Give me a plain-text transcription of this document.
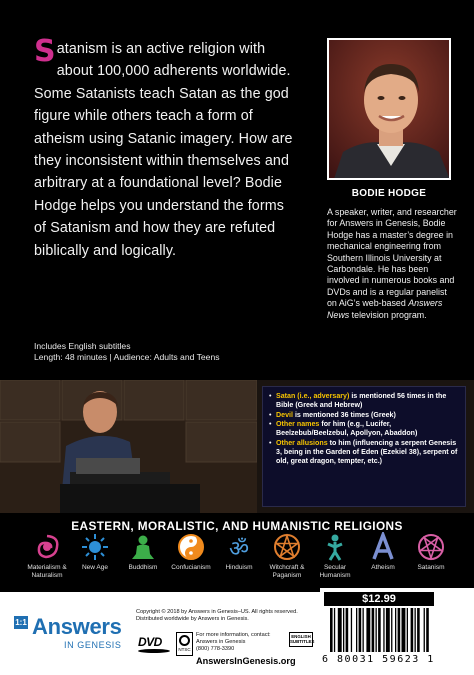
Satanism is an active religion with about 100,000 adherents worldwide. Some Satanists teach Satan as the god figure while others teach a form of atheism using Satanic imagery. How are they inconsistent within themselves and arbitrary at a foundational level? Bodie Hodge helps you understand the forms of Satanism and how they are refuted biblically and logically.

Includes English subtitles
Length: 48 minutes | Audience: Adults and Teens
BODIE HODGE

A speaker, writer, and researcher for Answers in Genesis, Bodie Hodge has a master’s degree in mechanical engineering from Southern Illinois University at Carbondale. He has been involved in numerous books and DVDs and is a regular panelist on AiG’s web-based Answers News television program.

• Satan (i.e., adversary) is mentioned 56 times in the Bible (Greek and Hebrew)
• Devil is mentioned 36 times (Greek)
• Other names for him (e.g., Lucifer, Beelzebub/Beelzebul, Apollyon, Abaddon)
• Other allusions to him (influencing a serpent Genesis 3, being in the Garden of Eden (Ezekiel 38), serpent of old, great dragon, tempter, etc.)
EASTERN, MORALISTIC, AND HUMANISTIC RELIGIONS
Materialism & Naturalism
New Age	Buddhism	Confucianism
ॐ
Hinduism	Witchcraft & Paganism
Secular Humanism
Atheism	Satanism
1:1 Answers
IN GENESIS
Copyright © 2018 by Answers in Genesis–US. All rights reserved.
Distributed worldwide by Answers in Genesis.
DVD
NTSC
For more information, contact:
Answers in Genesis
(800) 778-3390
AnswersInGenesis.org
ENGLISH
SUBTITLES
$12.99
6 80031 59623 1
